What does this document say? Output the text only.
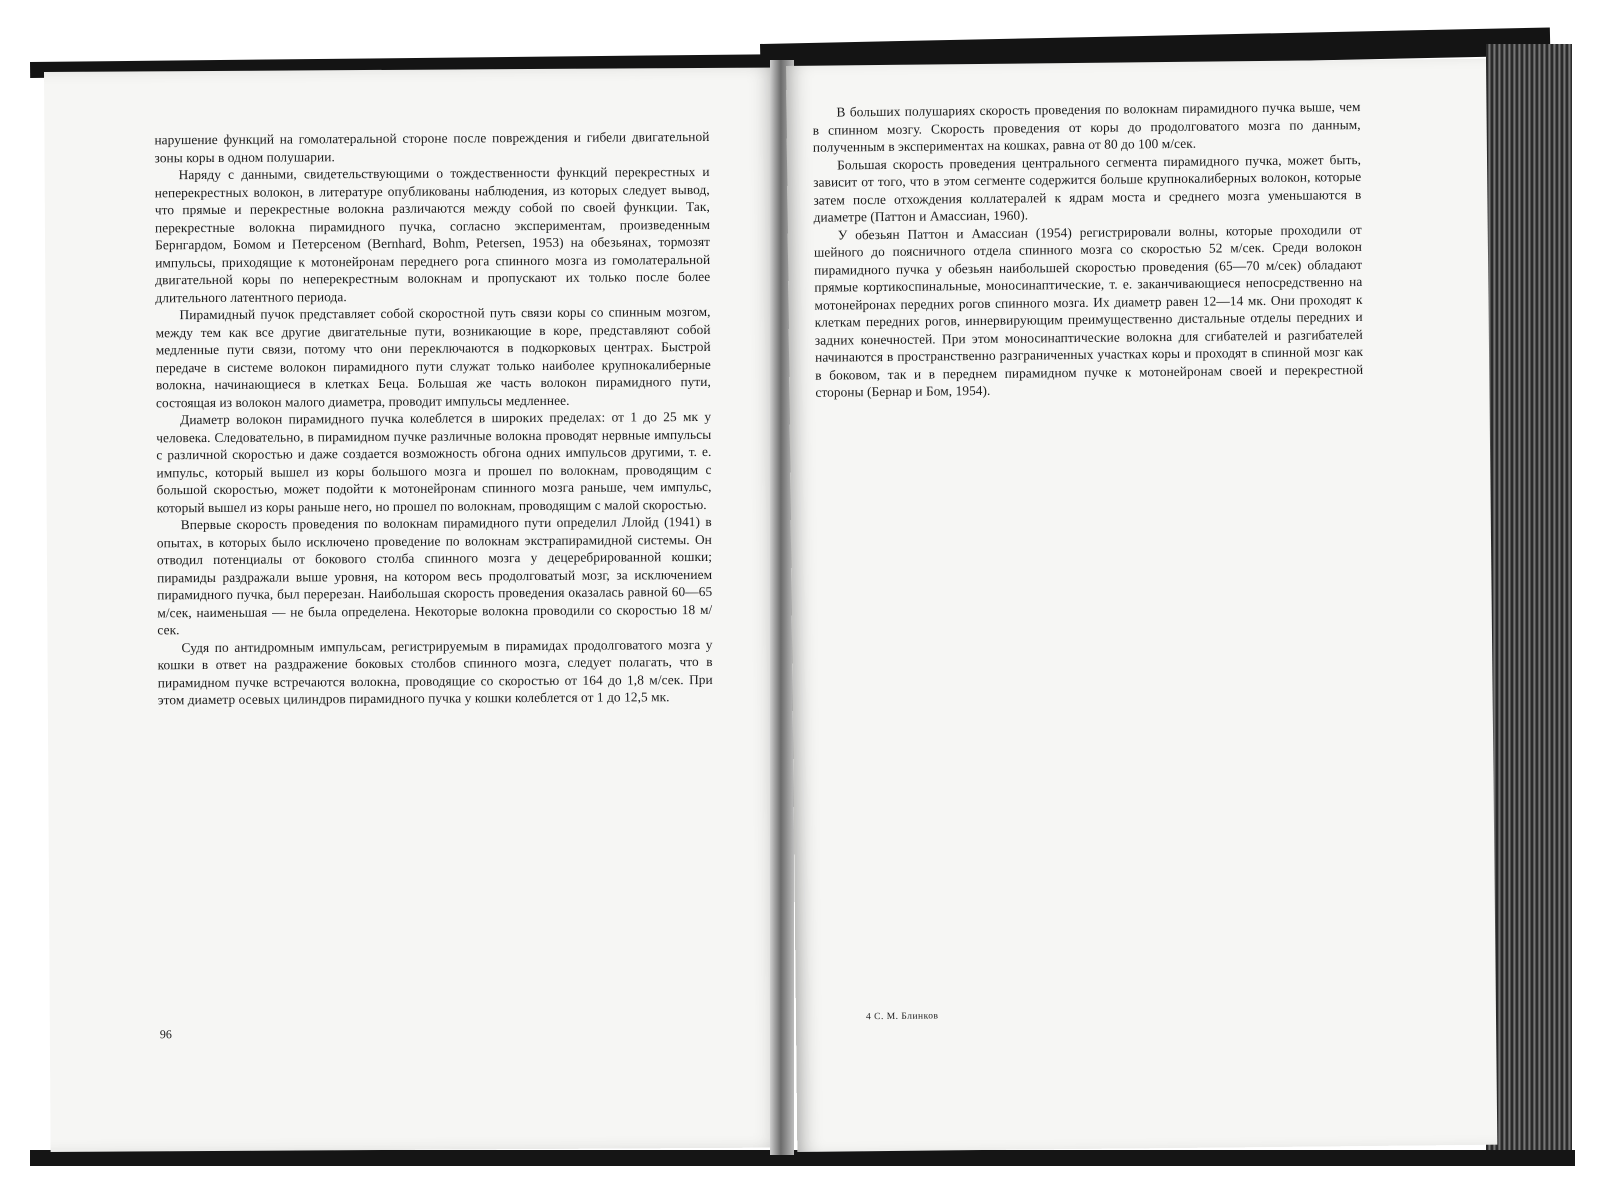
нарушение функций на гомолатеральной стороне после повреждения и гибели двигательной зоны коры в одном полушарии.

Наряду с данными, свидетельствующими о тождественности функций перекрестных и неперекрестных волокон, в литературе опубликованы наблюдения, из которых следует вывод, что прямые и перекрестные волокна различаются между собой по своей функции. Так, перекрестные волокна пирамидного пучка, согласно экспериментам, произведенным Бернгардом, Бомом и Петерсеном (Bernhard, Bohm, Petersen, 1953) на обезьянах, тормозят импульсы, приходящие к мотонейронам переднего рога спинного мозга из гомолатеральной двигательной коры по неперекрестным волокнам и пропускают их только после более длительного латентного периода.

Пирамидный пучок представляет собой скоростной путь связи коры со спинным мозгом, между тем как все другие двигательные пути, возникающие в коре, представляют собой медленные пути связи, потому что они переключаются в подкорковых центрах. Быстрой передаче в системе волокон пирамидного пути служат только наиболее крупнокалиберные волокна, начинающиеся в клетках Беца. Большая же часть волокон пирамидного пути, состоящая из волокон малого диаметра, проводит импульсы медленнее.

Диаметр волокон пирамидного пучка колеблется в широких пределах: от 1 до 25 мк у человека. Следовательно, в пирамидном пучке различные волокна проводят нервные импульсы с различной скоростью и даже создается возможность обгона одних импульсов другими, т. е. импульс, который вышел из коры большого мозга и прошел по волокнам, проводящим с большой скоростью, может подойти к мотонейронам спинного мозга раньше, чем импульс, который вышел из коры раньше него, но прошел по волокнам, проводящим с малой скоростью.

Впервые скорость проведения по волокнам пирамидного пути определил Ллойд (1941) в опытах, в которых было исключено проведение по волокнам экстрапирамидной системы. Он отводил потенциалы от бокового столба спинного мозга у децеребрированной кошки; пирамиды раздражали выше уровня, на котором весь продолговатый мозг, за исключением пирамидного пучка, был перерезан. Наибольшая скорость проведения оказалась равной 60—65 м/сек, наименьшая — не была определена. Некоторые волокна проводили со скоростью 18 м/сек.

Судя по антидромным импульсам, регистрируемым в пирамидах продолговатого мозга у кошки в ответ на раздражение боковых столбов спинного мозга, следует полагать, что в пирамидном пучке встречаются волокна, проводящие со скоростью от 164 до 1,8 м/сек. При этом диаметр осевых цилиндров пирамидного пучка у кошки колеблется от 1 до 12,5 мк.

96

В больших полушариях скорость проведения по волокнам пирамидного пучка выше, чем в спинном мозгу. Скорость проведения от коры до продолговатого мозга по данным, полученным в экспериментах на кошках, равна от 80 до 100 м/сек.

Большая скорость проведения центрального сегмента пирамидного пучка, может быть, зависит от того, что в этом сегменте содержится больше крупнокалиберных волокон, которые затем после отхождения коллатералей к ядрам моста и среднего мозга уменьшаются в диаметре (Паттон и Амассиан, 1960).

У обезьян Паттон и Амассиан (1954) регистрировали волны, которые проходили от шейного до поясничного отдела спинного мозга со скоростью 52 м/сек. Среди волокон пирамидного пучка у обезьян наибольшей скоростью проведения (65—70 м/сек) обладают прямые кортикоспинальные, моносинаптические, т. е. заканчивающиеся непосредственно на мотонейронах передних рогов спинного мозга. Их диаметр равен 12—14 мк. Они проходят к клеткам передних рогов, иннервирующим преимущественно дистальные отделы передних и задних конечностей. При этом моносинаптические волокна для сгибателей и разгибателей начинаются в пространственно разграниченных участках коры и проходят в спинной мозг как в боковом, так и в переднем пирамидном пучке к мотонейронам своей и перекрестной стороны (Бернар и Бом, 1954).

4 С. М. Блинков
